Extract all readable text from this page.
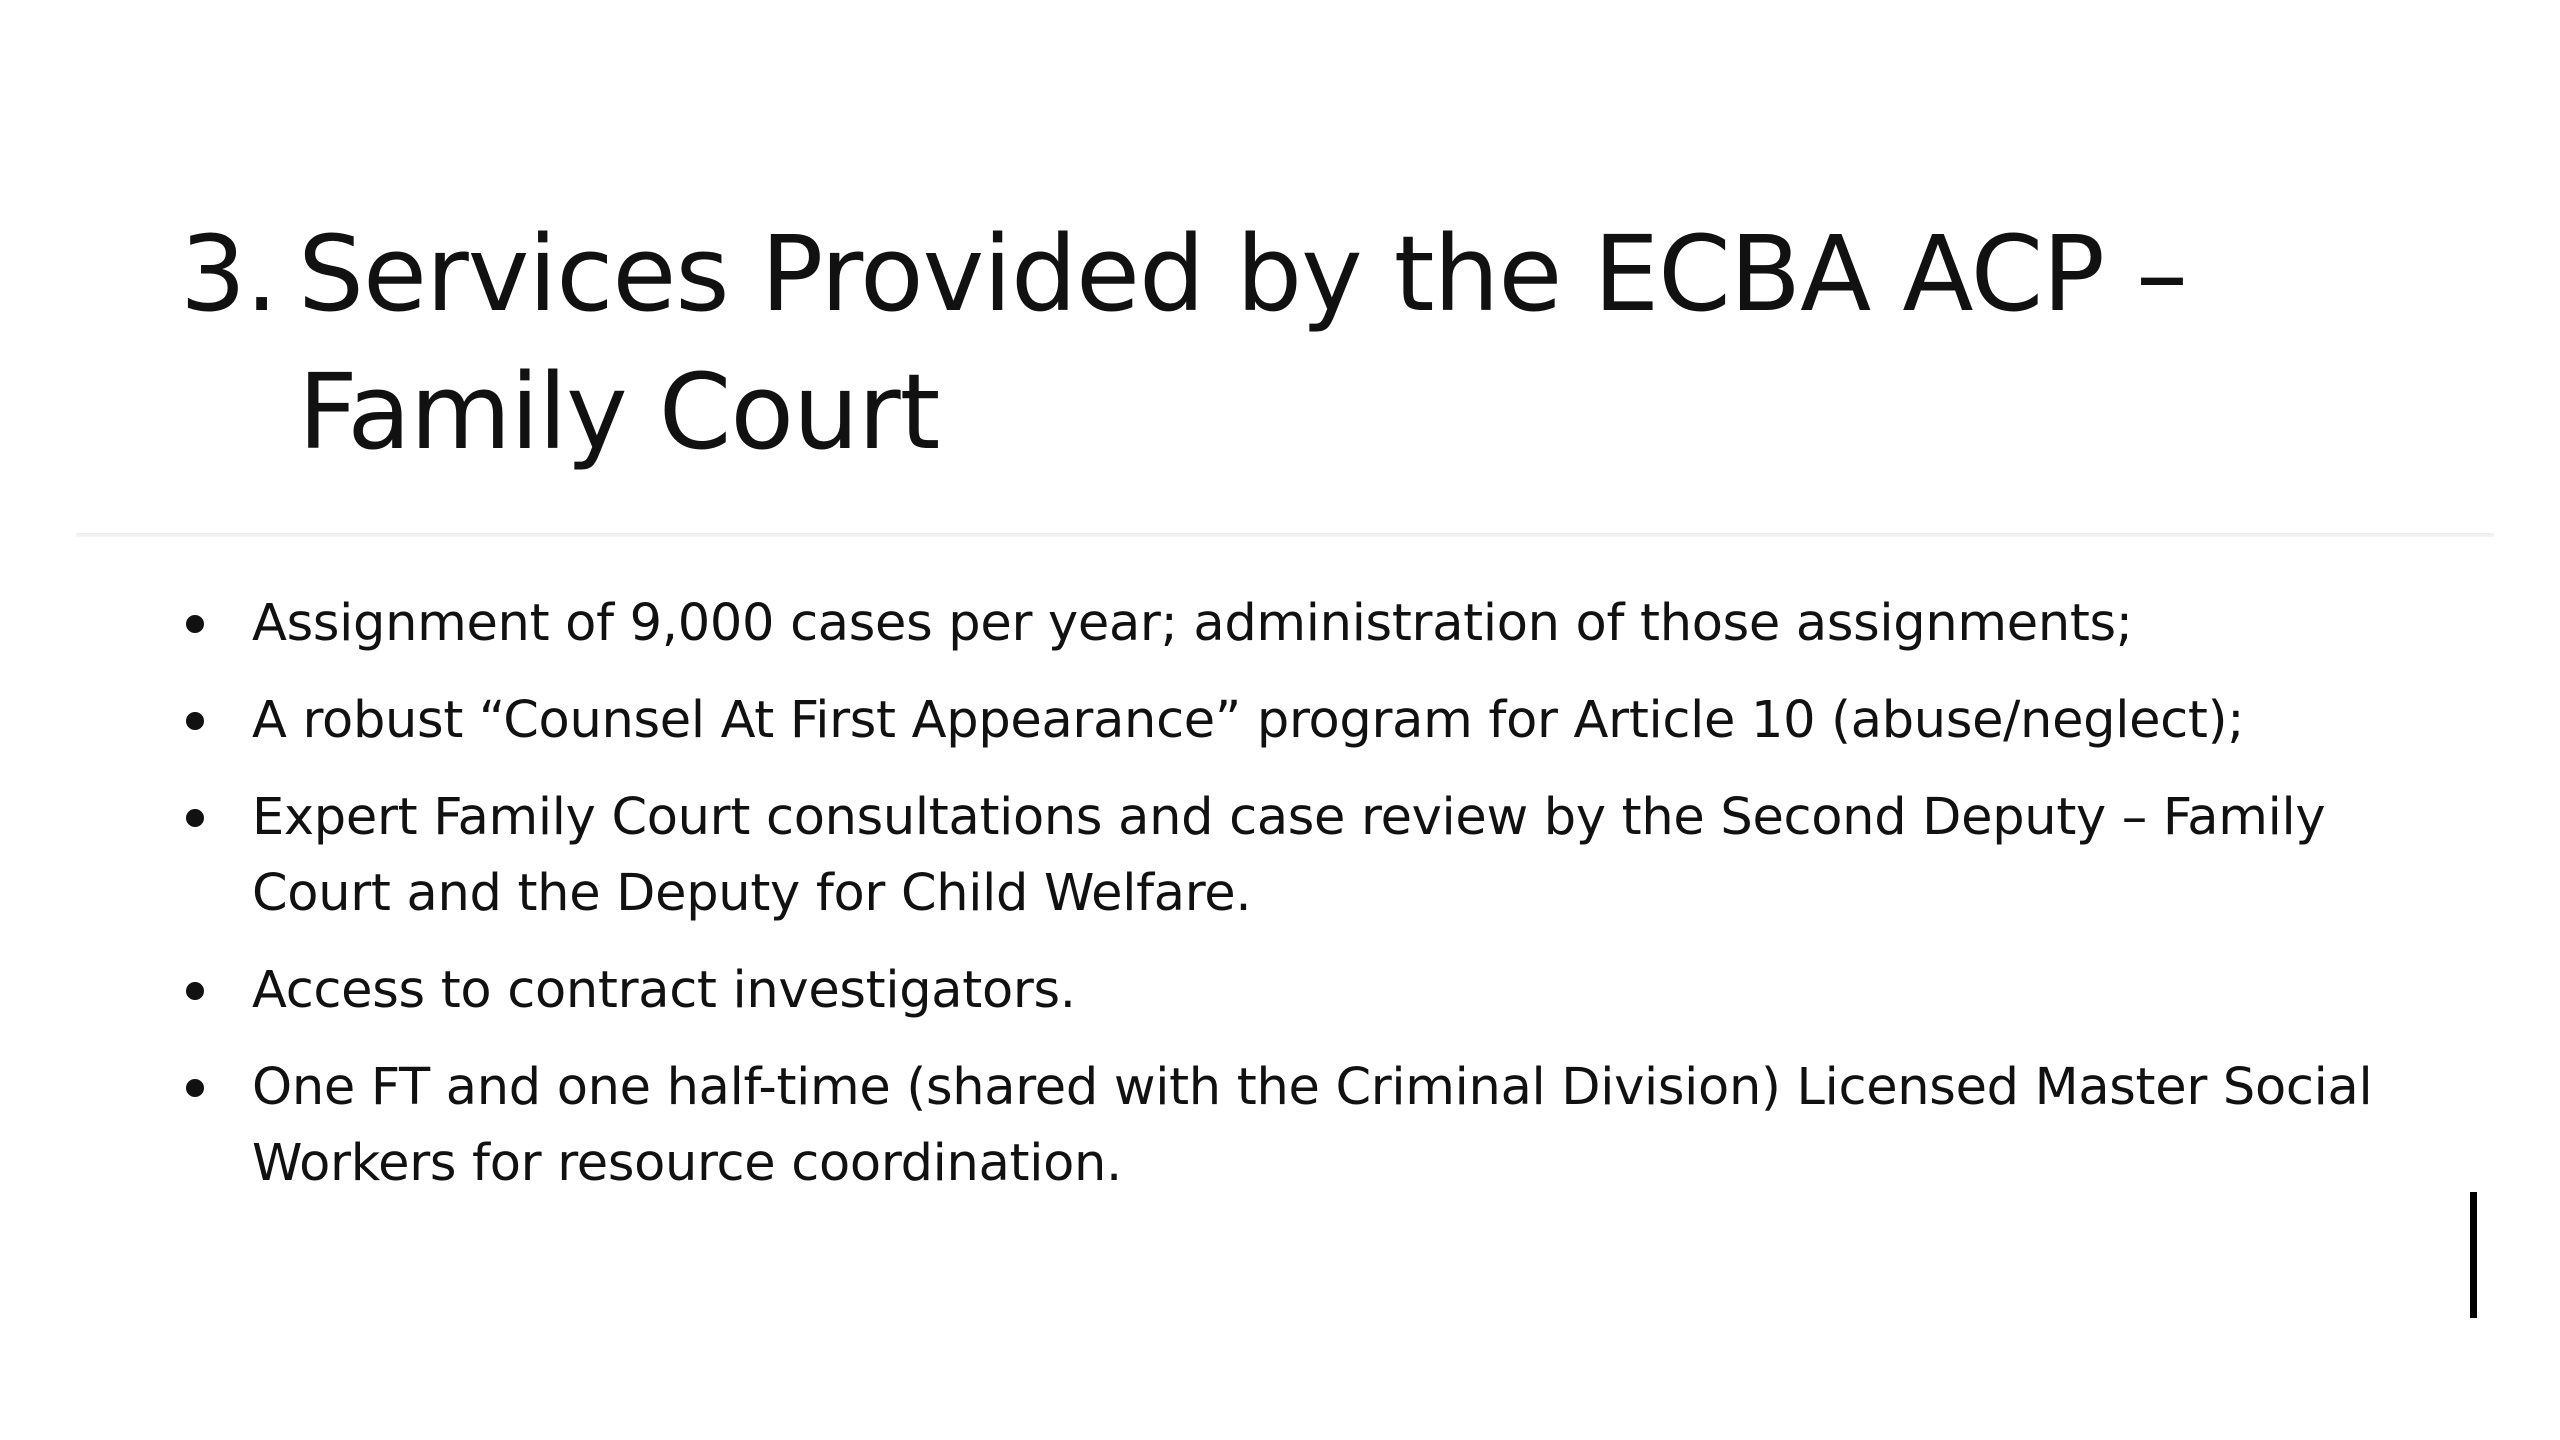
3. Services Provided by the ECBA ACP –
Family Court
Assignment of 9,000 cases per year; administration of those assignments;
A robust “Counsel At First Appearance” program for Article 10 (abuse/neglect);
Expert Family Court consultations and case review by the Second Deputy – Family Court and the Deputy for Child Welfare.
Access to contract investigators.
One FT and one half-time (shared with the Criminal Division) Licensed Master Social Workers for resource coordination.
